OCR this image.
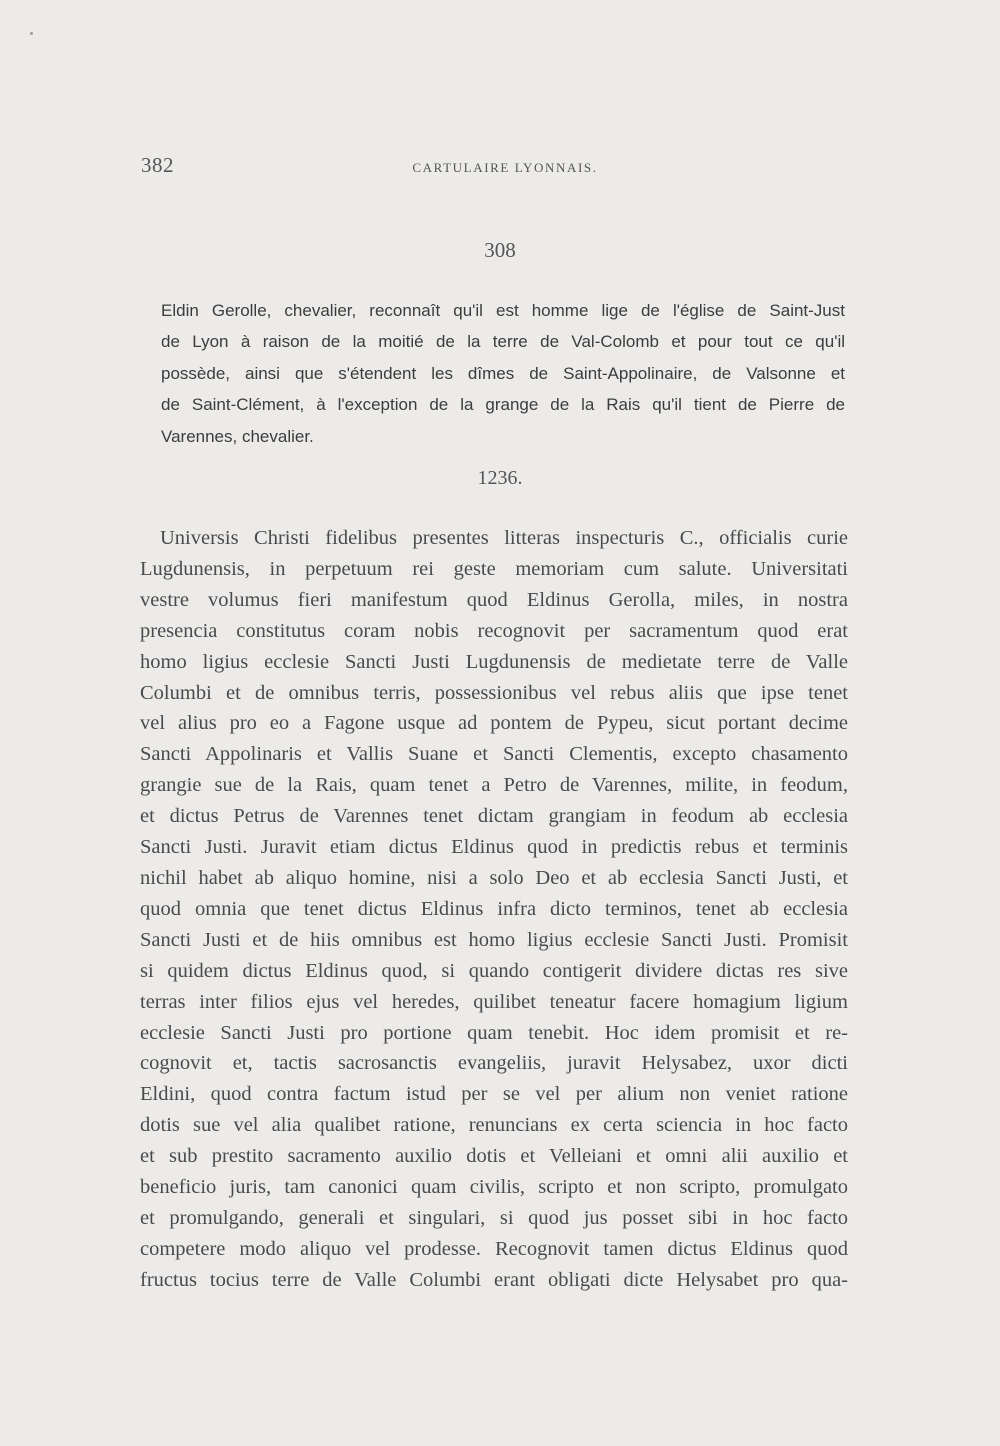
382	CARTULAIRE LYONNAIS.
308

Eldin Gerolle, chevalier, reconnaît qu'il est homme lige de l'église de Saint-Just
de Lyon à raison de la moitié de la terre de Val-Colomb et pour tout ce qu'il
possède, ainsi que s'étendent les dîmes de Saint-Appolinaire, de Valsonne et
de Saint-Clément, à l'exception de la grange de la Rais qu'il tient de Pierre de
Varennes, chevalier.

1236.

Universis Christi fidelibus presentes litteras inspecturis C., officialis curie
Lugdunensis, in perpetuum rei geste memoriam cum salute. Universitati
vestre volumus fieri manifestum quod Eldinus Gerolla, miles, in nostra
presencia constitutus coram nobis recognovit per sacramentum quod erat
homo ligius ecclesie Sancti Justi Lugdunensis de medietate terre de Valle
Columbi et de omnibus terris, possessionibus vel rebus aliis que ipse tenet
vel alius pro eo a Fagone usque ad pontem de Pypeu, sicut portant decime
Sancti Appolinaris et Vallis Suane et Sancti Clementis, excepto chasamento
grangie sue de la Rais, quam tenet a Petro de Varennes, milite, in feodum,
et dictus Petrus de Varennes tenet dictam grangiam in feodum ab ecclesia
Sancti Justi. Juravit etiam dictus Eldinus quod in predictis rebus et terminis
nichil habet ab aliquo homine, nisi a solo Deo et ab ecclesia Sancti Justi, et
quod omnia que tenet dictus Eldinus infra dicto terminos, tenet ab ecclesia
Sancti Justi et de hiis omnibus est homo ligius ecclesie Sancti Justi. Promisit
si quidem dictus Eldinus quod, si quando contigerit dividere dictas res sive
terras inter filios ejus vel heredes, quilibet teneatur facere homagium ligium
ecclesie Sancti Justi pro portione quam tenebit. Hoc idem promisit et re-
cognovit et, tactis sacrosanctis evangeliis, juravit Helysabez, uxor dicti
Eldini, quod contra factum istud per se vel per alium non veniet ratione
dotis sue vel alia qualibet ratione, renuncians ex certa sciencia in hoc facto
et sub prestito sacramento auxilio dotis et Velleiani et omni alii auxilio et
beneficio juris, tam canonici quam civilis, scripto et non scripto, promulgato
et promulgando, generali et singulari, si quod jus posset sibi in hoc facto
competere modo aliquo vel prodesse. Recognovit tamen dictus Eldinus quod
fructus tocius terre de Valle Columbi erant obligati dicte Helysabet pro qua-
